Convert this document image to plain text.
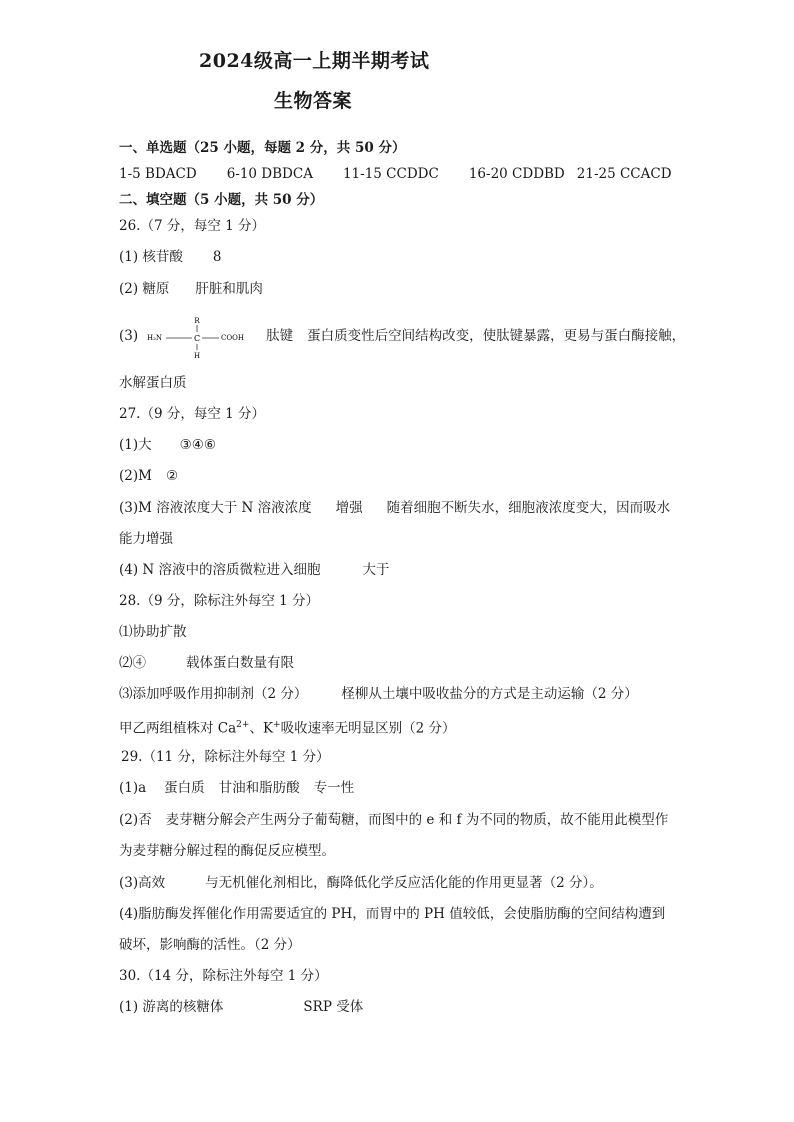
2024级高一上期半期考试
生物答案
一、单选题（25 小题，每题 2 分，共 50 分）
1-5 BDACD 6-10 DBDCA 11-15 CCDDC 16-20 CDDBD 21-25 CCACD
二、填空题（5 小题，共 50 分）
26.（7 分，每空 1 分）
(1) 核苷酸 8
(2) 糖原 肝脏和肌肉
(3)
R
H₂N	C	COOH
H
肽键 蛋白质变性后空间结构改变，使肽键暴露，更易与蛋白酶接触，
水解蛋白质
27.（9 分，每空 1 分）
(1)大 ③④⑥
(2)M ②
(3)M 溶液浓度大于 N 溶液浓度 增强 随着细胞不断失水，细胞液浓度变大，因而吸水
能力增强
(4) N 溶液中的溶质微粒进入细胞	大于
28.（9 分，除标注外每空 1 分）
⑴协助扩散
⑵④	载体蛋白数量有限
⑶添加呼吸作用抑制剂（2 分）	柽柳从土壤中吸收盐分的方式是主动运输（2 分）
甲乙两组植株对 $Ca^{2+}$、K+吸收速率无明显区别（2 分）
29.（11 分，除标注外每空 1 分）
(1)a 蛋白质 甘油和脂肪酸 专一性
(2)否 麦芽糖分解会产生两分子葡萄糖，而图中的 e 和 f 为不同的物质，故不能用此模型作
为麦芽糖分解过程的酶促反应模型。
(3)高效	与无机催化剂相比，酶降低化学反应活化能的作用更显著（2 分）。
(4)脂肪酶发挥催化作用需要适宜的 PH，而胃中的 PH 值较低，会使脂肪酶的空间结构遭到
破坏，影响酶的活性。（2 分）
30.（14 分，除标注外每空 1 分）
(1) 游离的核糖体	SRP 受体
